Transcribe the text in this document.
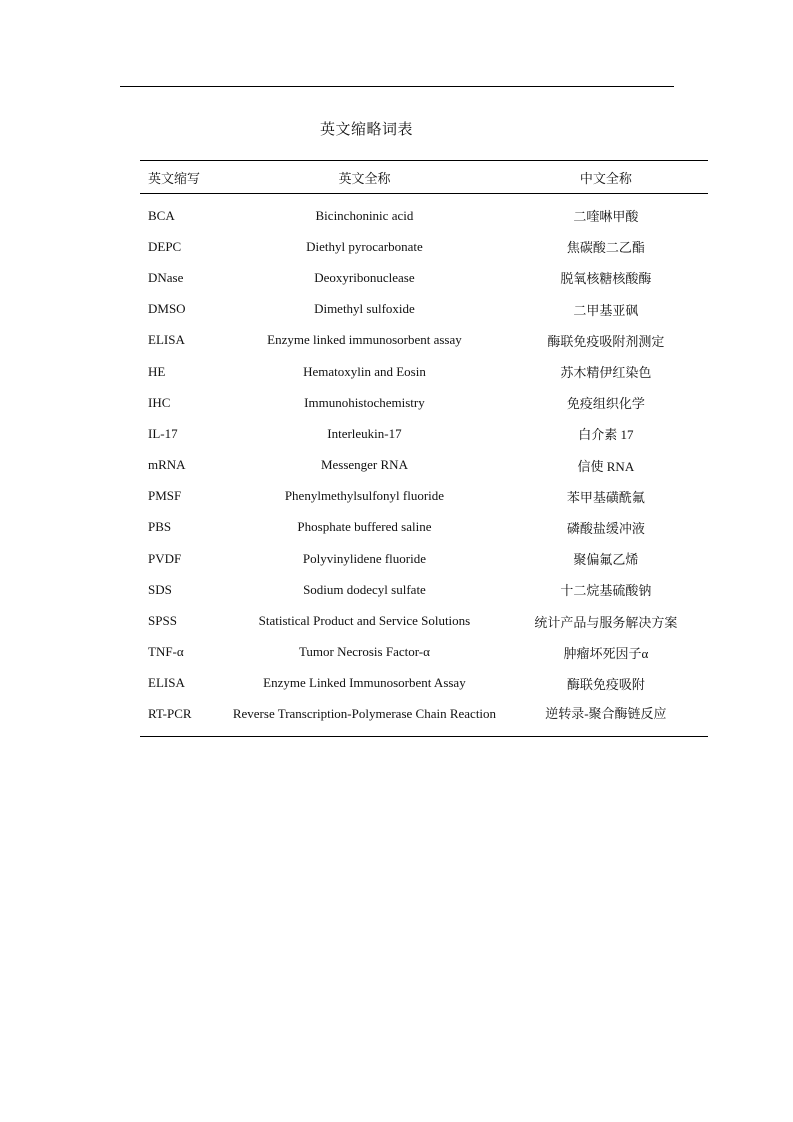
英文缩略词表
英文缩写	英文全称	中文全称
BCA	Bicinchoninic acid	二喹啉甲酸
DEPC	Diethyl pyrocarbonate	焦碳酸二乙酯
DNase	Deoxyribonuclease	脱氧核糖核酸酶
DMSO	Dimethyl sulfoxide	二甲基亚砜
ELISA	Enzyme linked immunosorbent assay	酶联免疫吸附剂测定
HE	Hematoxylin and Eosin	苏木精伊红染色
IHC	Immunohistochemistry	免疫组织化学
IL-17	Interleukin-17	白介素 17
mRNA	Messenger RNA	信使 RNA
PMSF	Phenylmethylsulfonyl fluoride	苯甲基磺酰氟
PBS	Phosphate buffered saline	磷酸盐缓冲液
PVDF	Polyvinylidene fluoride	聚偏氟乙烯
SDS	Sodium dodecyl sulfate	十二烷基硫酸钠
SPSS	Statistical Product and Service Solutions	统计产品与服务解决方案
TNF-α	Tumor Necrosis Factor-α	肿瘤坏死因子α
ELISA	Enzyme Linked Immunosorbent Assay	酶联免疫吸附
RT-PCR	Reverse Transcription-Polymerase Chain Reaction	逆转录-聚合酶链反应
